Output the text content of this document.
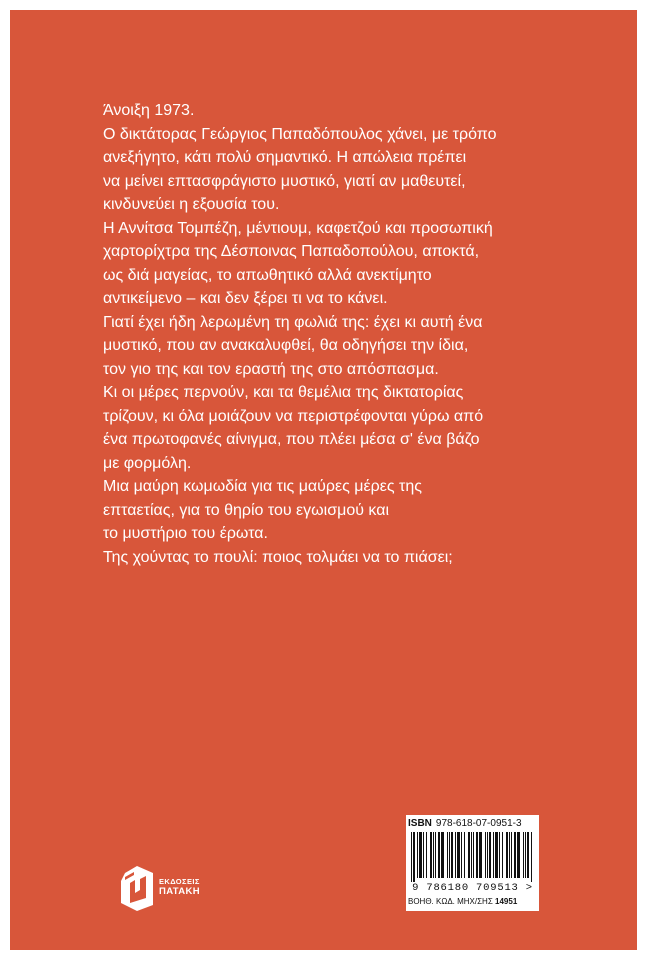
Άνοιξη 1973.
Ο δικτάτορας Γεώργιος Παπαδόπουλος χάνει, με τρόπο
ανεξήγητο, κάτι πολύ σημαντικό. Η απώλεια πρέπει
να μείνει επτασφράγιστο μυστικό, γιατί αν μαθευτεί,
κινδυνεύει η εξουσία του.
Η Αννίτσα Τομπέζη, μέντιουμ, καφετζού και προσωπική
χαρτορίχτρα της Δέσποινας Παπαδοπούλου, αποκτά,
ως διά μαγείας, το απωθητικό αλλά ανεκτίμητο
αντικείμενο – και δεν ξέρει τι να το κάνει.
Γιατί έχει ήδη λερωμένη τη φωλιά της: έχει κι αυτή ένα
μυστικό, που αν ανακαλυφθεί, θα οδηγήσει την ίδια,
τον γιο της και τον εραστή της στο απόσπασμα.
Κι οι μέρες περνούν, και τα θεμέλια της δικτατορίας
τρίζουν, κι όλα μοιάζουν να περιστρέφονται γύρω από
ένα πρωτοφανές αίνιγμα, που πλέει μέσα σ' ένα βάζο
με φορμόλη.
Μια μαύρη κωμωδία για τις μαύρες μέρες της
επταετίας, για το θηρίο του εγωισμού και
το μυστήριο του έρωτα.
Της χούντας το πουλί: ποιος τολμάει να το πιάσει;
ΕΚΔΟΣΕΙΣ
ΠΑΤΑΚΗ
ISBN 978-618-07-0951-3
9 786180 709513 >
ΒΟΗΘ. ΚΩΔ. ΜΗΧ/ΣΗΣ 14951
